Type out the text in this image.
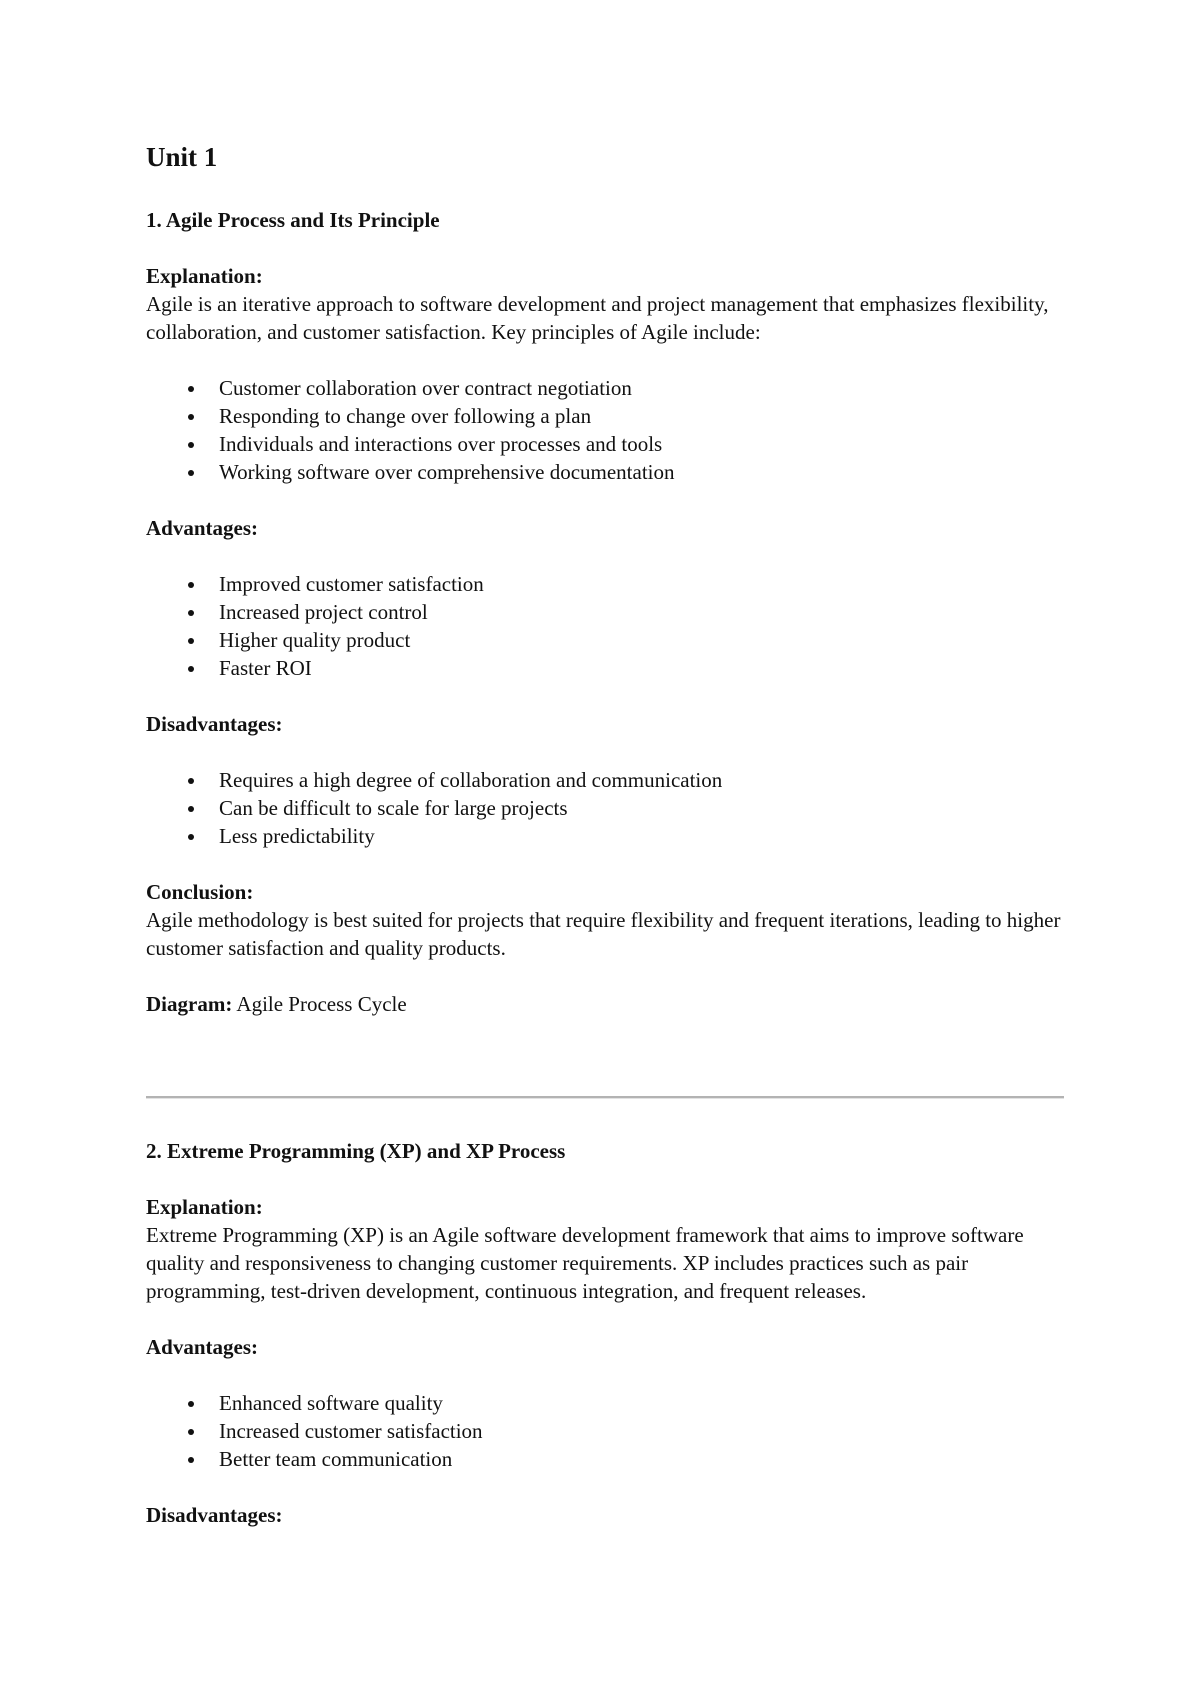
Unit 1
1. Agile Process and Its Principle

Explanation:

Agile is an iterative approach to software development and project management that emphasizes flexibility, collaboration, and customer satisfaction. Key principles of Agile include:

Customer collaboration over contract negotiation
Responding to change over following a plan
Individuals and interactions over processes and tools
Working software over comprehensive documentation

Advantages:

Improved customer satisfaction
Increased project control
Higher quality product
Faster ROI

Disadvantages:

Requires a high degree of collaboration and communication
Can be difficult to scale for large projects
Less predictability

Conclusion:

Agile methodology is best suited for projects that require flexibility and frequent iterations, leading to higher customer satisfaction and quality products.

Diagram: Agile Process Cycle

2. Extreme Programming (XP) and XP Process

Explanation:

Extreme Programming (XP) is an Agile software development framework that aims to improve software quality and responsiveness to changing customer requirements. XP includes practices such as pair programming, test-driven development, continuous integration, and frequent releases.

Advantages:

Enhanced software quality
Increased customer satisfaction
Better team communication

Disadvantages:
